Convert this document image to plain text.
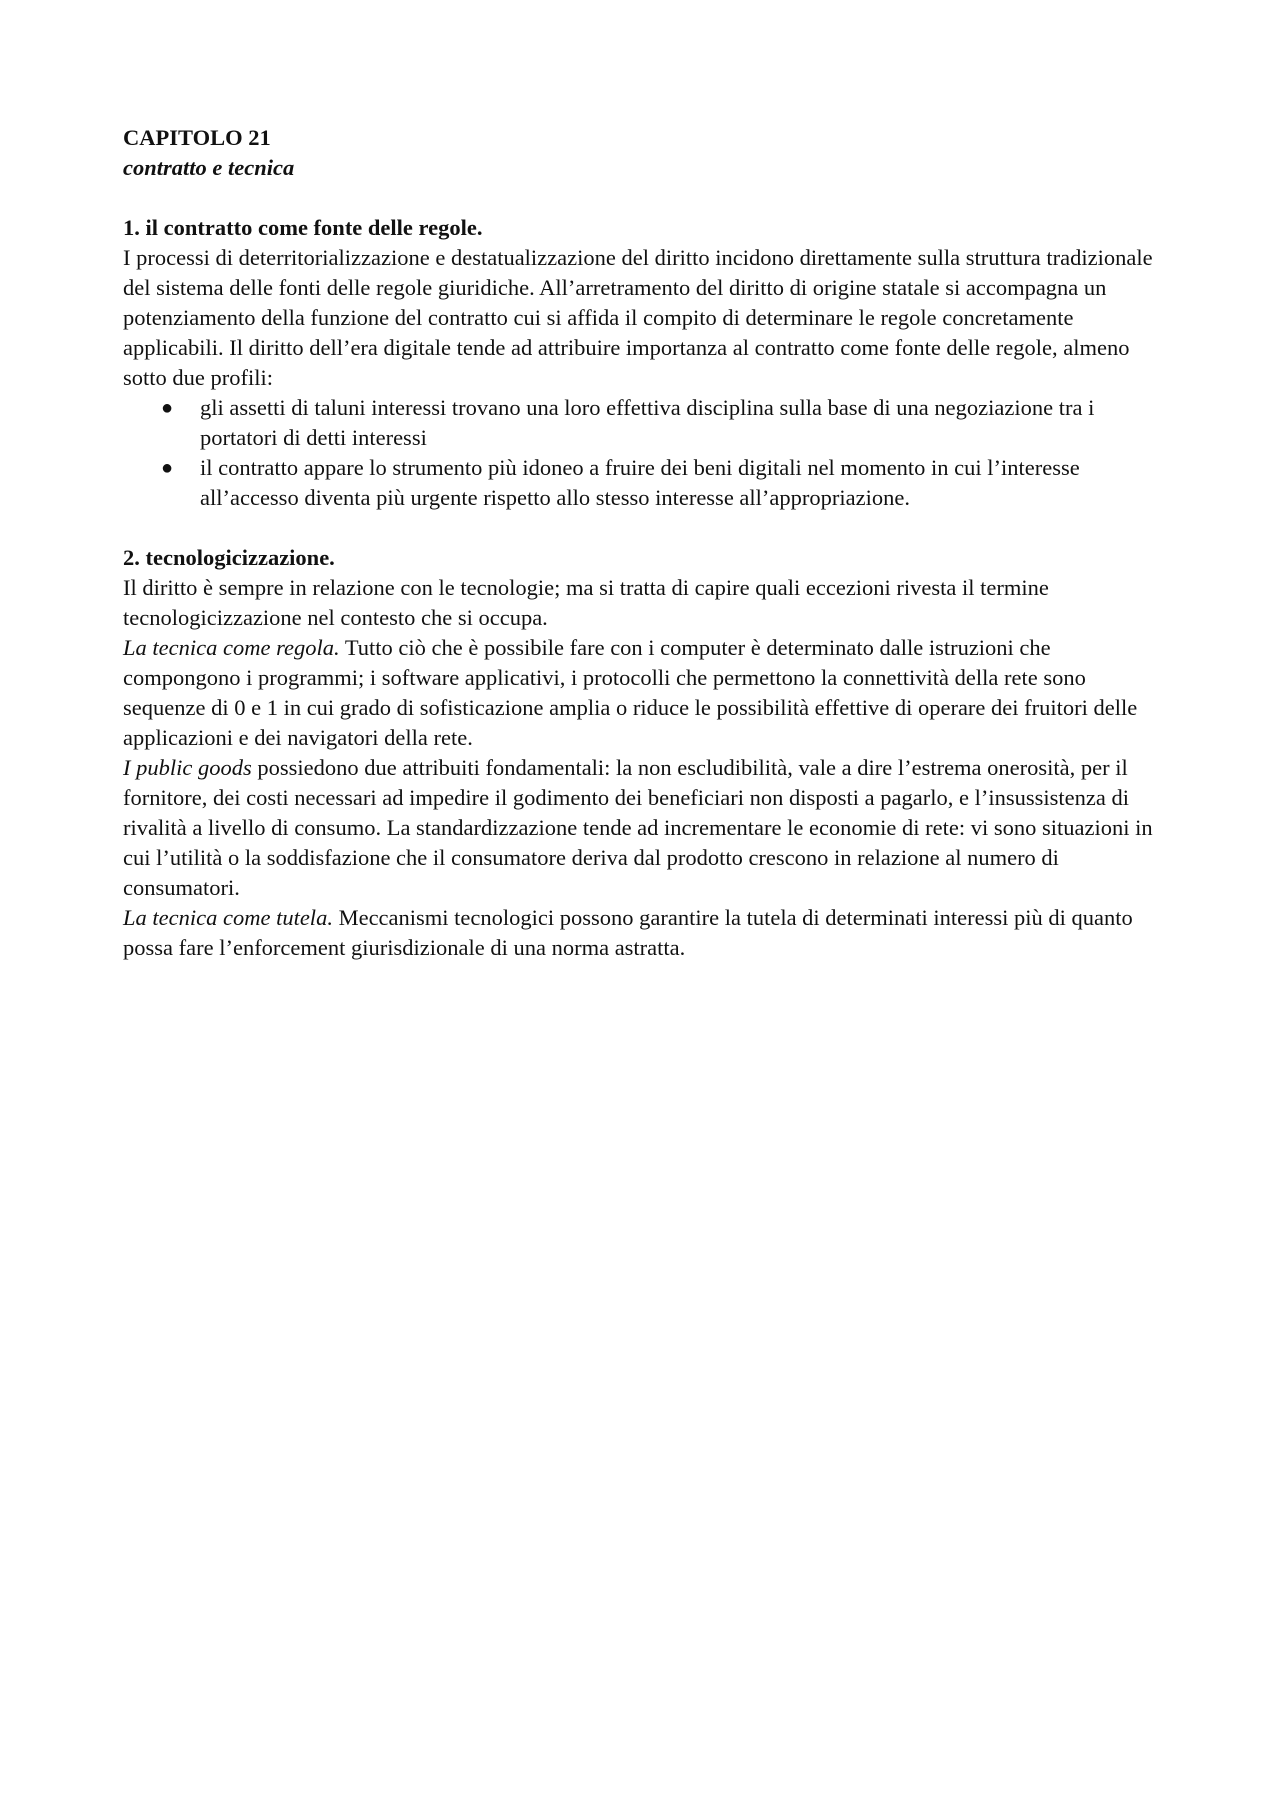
CAPITOLO 21
contratto e tecnica
1. il contratto come fonte delle regole.

I processi di deterritorializzazione e destatualizzazione del diritto incidono direttamente sulla struttura tradizionale del sistema delle fonti delle regole giuridiche. All’arretramento del diritto di origine statale si accompagna un potenziamento della funzione del contratto cui si affida il compito di determinare le regole concretamente applicabili. Il diritto dell’era digitale tende ad attribuire importanza al contratto come fonte delle regole, almeno sotto due profili:

● gli assetti di taluni interessi trovano una loro effettiva disciplina sulla base di una negoziazione tra i portatori di detti interessi
● il contratto appare lo strumento più idoneo a fruire dei beni digitali nel momento in cui l’interesse all’accesso diventa più urgente rispetto allo stesso interesse all’appropriazione.
2. tecnologicizzazione.

Il diritto è sempre in relazione con le tecnologie; ma si tratta di capire quali eccezioni rivesta il termine tecnologicizzazione nel contesto che si occupa.

La tecnica come regola. Tutto ciò che è possibile fare con i computer è determinato dalle istruzioni che compongono i programmi; i software applicativi, i protocolli che permettono la connettività della rete sono sequenze di 0 e 1 in cui grado di sofisticazione amplia o riduce le possibilità effettive di operare dei fruitori delle applicazioni e dei navigatori della rete.

I public goods possiedono due attribuiti fondamentali: la non escludibilità, vale a dire l’estrema onerosità, per il fornitore, dei costi necessari ad impedire il godimento dei beneficiari non disposti a pagarlo, e l’insussistenza di rivalità a livello di consumo. La standardizzazione tende ad incrementare le economie di rete: vi sono situazioni in cui l’utilità o la soddisfazione che il consumatore deriva dal prodotto crescono in relazione al numero di consumatori.

La tecnica come tutela. Meccanismi tecnologici possono garantire la tutela di determinati interessi più di quanto possa fare l’enforcement giurisdizionale di una norma astratta.
